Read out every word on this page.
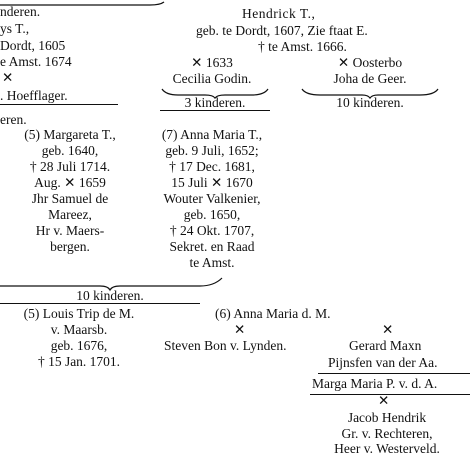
nderen.
ys T.,
Dordt, 1605
e Amst. 1674
✕
. Hoefflager.
Hendrick T.,
geb. te Dordt, 1607, Zie ftaat E.
† te Amst. 1666.
✕ 1633
Cecilia Godin.
3 kinderen.
✕ Oosterbo
Joha de Geer.
10 kinderen.
eren.
(5) Margareta T.,
geb. 1640,
† 28 Juli 1714.
Aug. ✕ 1659
Jhr Samuel de
Mareez,
Hr v. Maers-
bergen.
(7) Anna Maria T.,
geb. 9 Juli, 1652;
† 17 Dec. 1681,
15 Juli ✕ 1670
Wouter Valkenier,
geb. 1650,
† 24 Okt. 1707,
Sekret. en Raad
te Amst.
10 kinderen.
(5) Louis Trip de M.
v. Maarsb.
geb. 1676,
† 15 Jan. 1701.
(6) Anna Maria d. M.
✕	✕
Steven Bon v. Lynden.	Gerard Maxn
Pijnsfen van der Aa.
Marga Maria P. v. d. A.
✕
Jacob Hendrik
Gr. v. Rechteren,
Heer v. Westerveld.
